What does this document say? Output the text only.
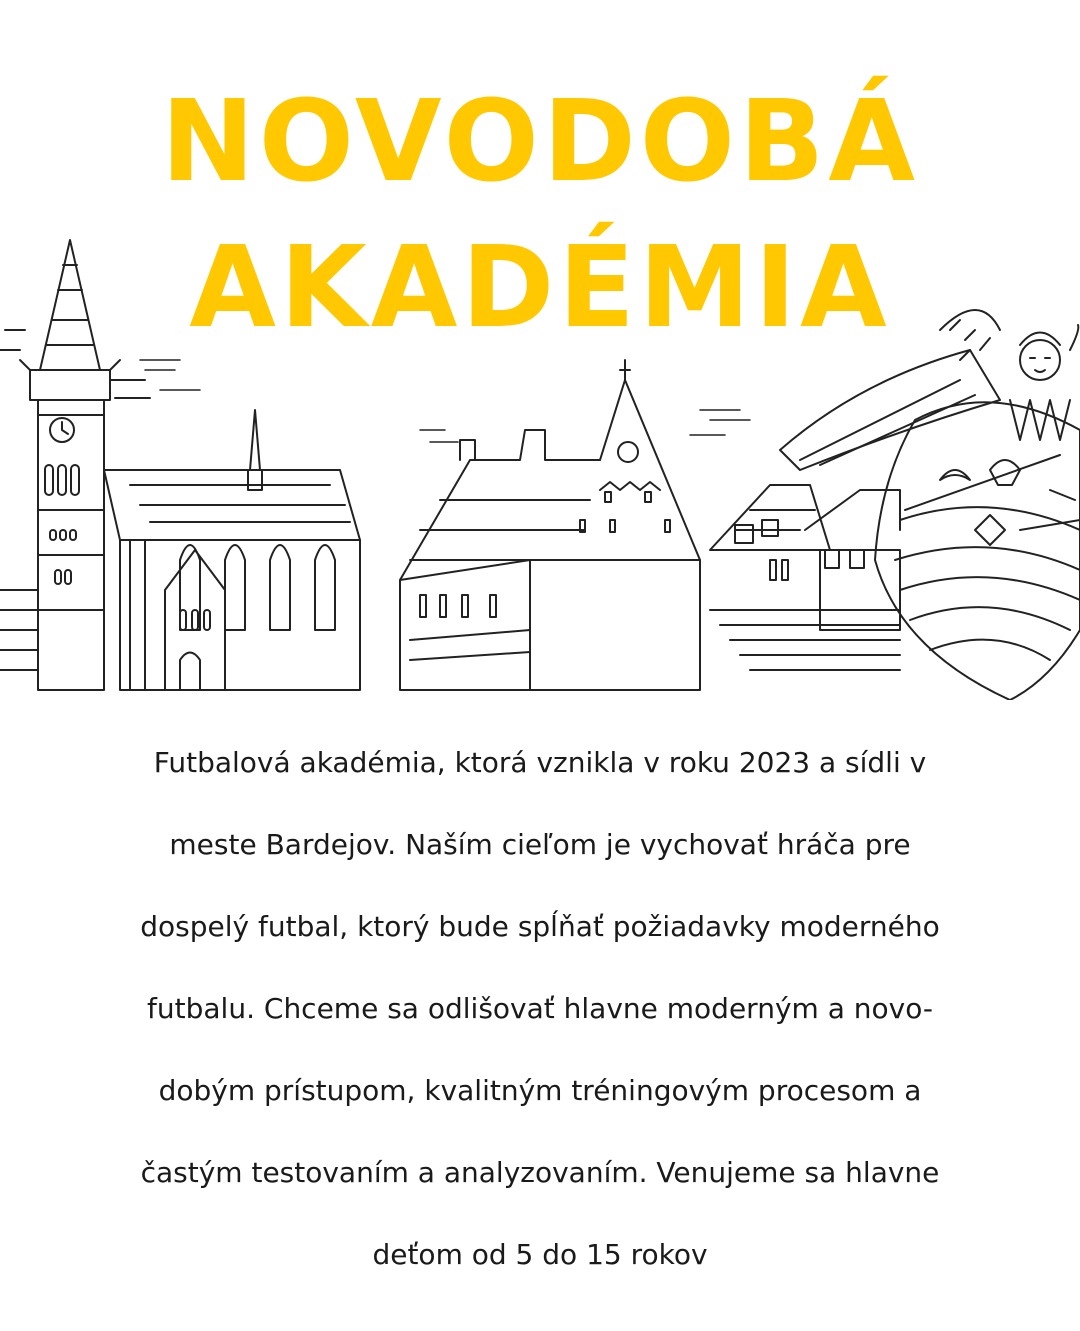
NOVODOBÁ
AKADÉMIA

Futbalová akadémia, ktorá vznikla v roku 2023 a sídli v
meste Bardejov. Naším cieľom je vychovať hráča pre
dospelý futbal, ktorý bude spĺňať požiadavky moderného
futbalu. Chceme sa odlišovať hlavne moderným a novo-
dobým prístupom, kvalitným tréningovým procesom a
častým testovaním a analyzovaním. Venujeme sa hlavne
deťom od 5 do 15 rokov
